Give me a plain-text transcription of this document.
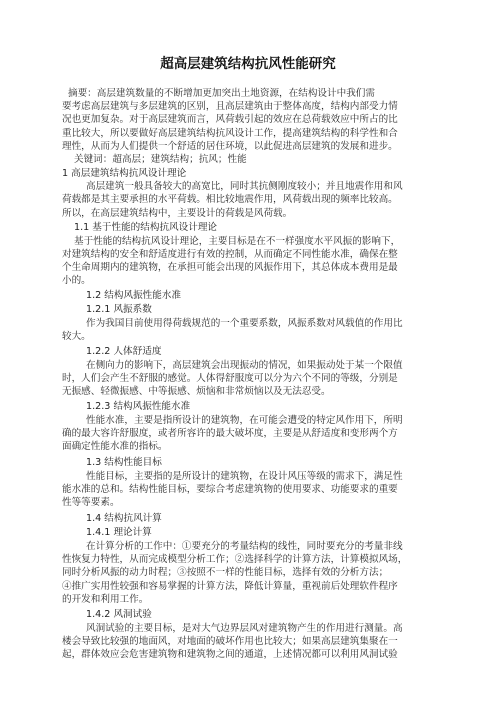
超高层建筑结构抗风性能研究
摘要：高层建筑数量的不断增加更加突出土地资源，在结构设计中我们需
要考虑高层建筑与多层建筑的区别，且高层建筑由于整体高度，结构内部受力情
况也更加复杂。对于高层建筑而言，风荷载引起的效应在总荷载效应中所占的比
重比较大，所以要做好高层建筑结构抗风设计工作，提高建筑结构的科学性和合
理性，从而为人们提供一个舒适的居住环境，以此促进高层建筑的发展和进步。
关键词：超高层；建筑结构；抗风；性能
1 高层建筑结构抗风设计理论
高层建筑一般具备较大的高宽比，同时其抗侧刚度较小；并且地震作用和风
荷载都是其主要承担的水平荷载。相比较地震作用，风荷载出现的频率比较高。
所以，在高层建筑结构中，主要设计的荷载是风荷载。
1.1 基于性能的结构抗风设计理论
基于性能的结构抗风设计理论，主要目标是在不一样强度水平风振的影响下，
对建筑结构的安全和舒适度进行有效的控制，从而确定不同性能水准，确保在整
个生命周期内的建筑物，在承担可能会出现的风振作用下，其总体成本费用是最
小的。
1.2 结构风振性能水准
1.2.1 风振系数
作为我国目前使用得荷载规范的一个重要系数，风振系数对风载值的作用比
较大。
1.2.2 人体舒适度
在侧向力的影响下，高层建筑会出现振动的情况，如果振动处于某一个限值
时，人们会产生不舒服的感觉。人体得舒服度可以分为六个不同的等级，分别是
无振感、轻微振感、中等振感、烦恼和非常烦恼以及无法忍受。
1.2.3 结构风振性能水准
性能水准，主要是指所设计的建筑物，在可能会遭受的特定风作用下，所明
确的最大容许舒服度，或者所容许的最大破坏度，主要是从舒适度和变形两个方
面确定性能水准的指标。
1.3 结构性能目标
性能目标，主要指的是所设计的建筑物，在设计风压等级的需求下，满足性
能水准的总和。结构性能目标，要综合考虑建筑物的使用要求、功能要求的重要
性等等要素。
1.4 结构抗风计算
1.4.1 理论计算
在计算分析的工作中：①要充分的考量结构的线性，同时要充分的考量非线
性恢复力特性，从而完成模型分析工作；②选择科学的计算方法，计算模拟风场，
同时分析风振的动力时程；③按照不一样的性能目标，选择有效的分析方法；
④推广实用性较强和容易掌握的计算方法，降低计算量，重视前后处理软件程序
的开发和利用工作。
1.4.2 风洞试验
风洞试验的主要目标，是对大气边界层风对建筑物产生的作用进行测量。高
楼会导致比较强的地面风，对地面的破坏作用也比较大；如果高层建筑集聚在一
起，群体效应会危害建筑物和建筑物之间的通道，上述情况都可以利用风洞试验
